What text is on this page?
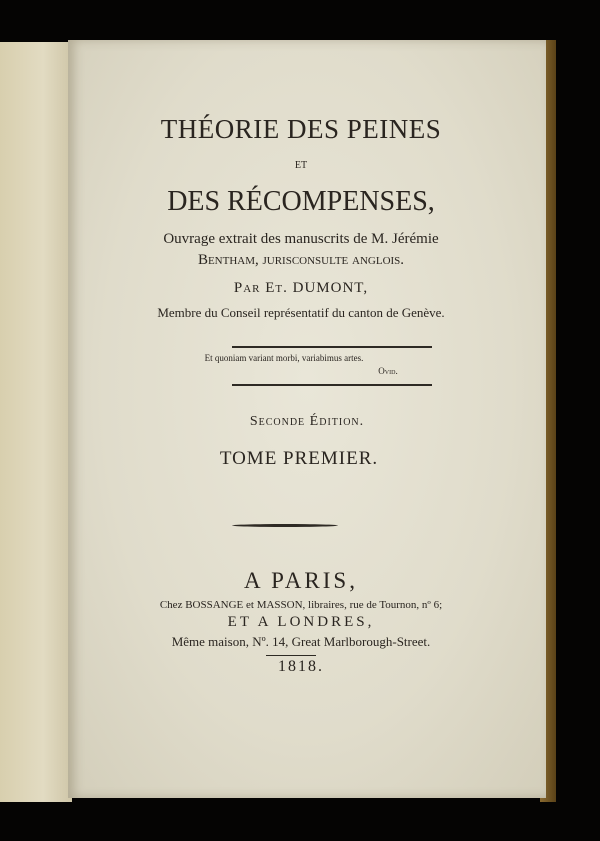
THÉORIE DES PEINES
ET
DES RÉCOMPENSES,
Ouvrage extrait des manuscrits de M. Jérémie
Bentham, jurisconsulte anglois.
Par Et. DUMONT,
Membre du Conseil représentatif du canton de Genève.
Et quoniam variant morbi, variabimus artes.
Ovid.
Seconde Édition.
TOME PREMIER.
A PARIS,
Chez BOSSANGE et MASSON, libraires, rue de Tournon, nº 6;
ET A LONDRES,
Même maison, Nº. 14, Great Marlborough-Street.
1818.
